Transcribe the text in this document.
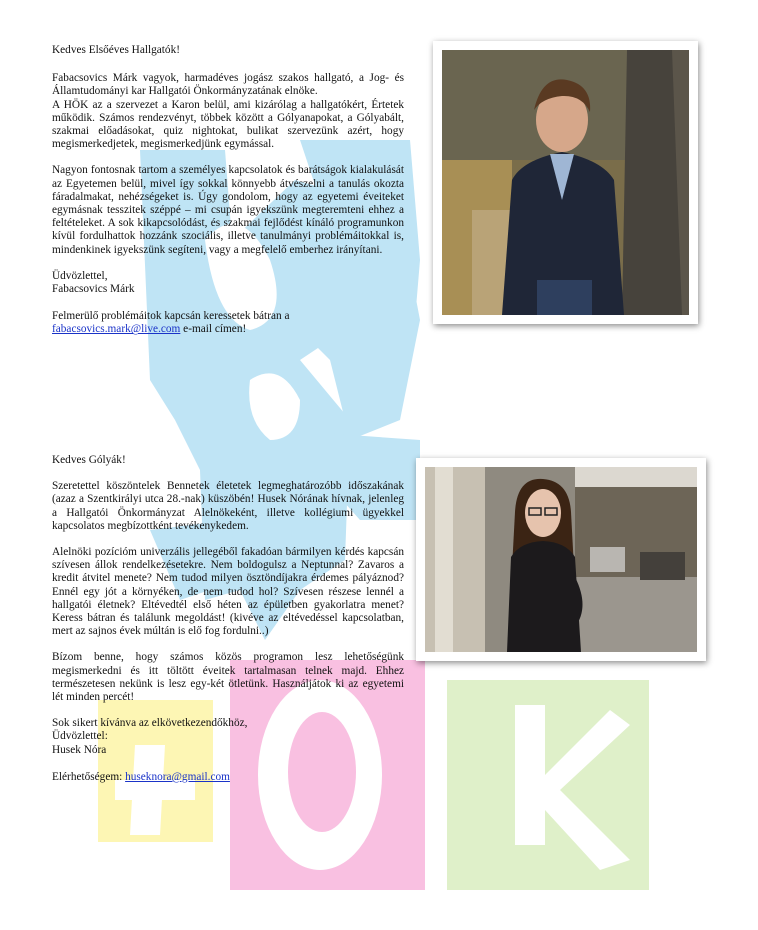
Kedves Elsőéves Hallgatók!

Fabacsovics Márk vagyok, harmadéves jogász szakos hallgató, a Jog- és Államtudományi kar Hallgatói Önkormányzatának elnöke.

A HÖK az a szervezet a Karon belül, ami kizárólag a hallgatókért, Értetek működik. Számos rendezvényt, többek között a Gólyanapokat, a Gólyabált, szakmai előadásokat, quiz nightokat, bulikat szervezünk azért, hogy megismerkedjetek, megismerkedjünk egymással.

Nagyon fontosnak tartom a személyes kapcsolatok és barátságok kialakulását az Egyetemen belül, mivel így sokkal könnyebb átvészelni a tanulás okozta fáradalmakat, nehézségeket is. Úgy gondolom, hogy az egyetemi éveiteket egymásnak tesszitek széppé – mi csupán igyekszünk megteremteni ehhez a feltételeket. A sok kikapcsolódást, és szakmai fejlődést kínáló programunkon kívül fordulhattok hozzánk szociális, illetve tanulmányi problémáitokkal is, mindenkinek igyekszünk segíteni, vagy a megfelelő emberhez irányítani.

Üdvözlettel,

Fabacsovics Márk

Felmerülő problémáitok kapcsán keressetek bátran a
fabacsovics.mark@live.com e-mail címen!

Kedves Gólyák!

Szeretettel köszöntelek Bennetek életetek legmeghatározóbb időszakának (azaz a Szentkirályi utca 28.-nak) küszöbén! Husek Nórának hívnak, jelenleg a Hallgatói Önkormányzat Alelnökeként, illetve kollégiumi ügyekkel kapcsolatos megbízottként tevékenykedem.

Alelnöki pozícióm univerzális jellegéből fakadóan bármilyen kérdés kapcsán szívesen állok rendelkezésetekre. Nem boldogulsz a Neptunnal? Zavaros a kredit átvitel menete? Nem tudod milyen ösztöndíjakra érdemes pályáznod? Ennél egy jót a környéken, de nem tudod hol? Szívesen részese lennél a hallgatói életnek? Eltévedtél első héten az épületben gyakorlatra menet? Keress bátran és találunk megoldást! (kivéve az eltévedéssel kapcsolatban, mert az sajnos évek múltán is elő fog fordulni..)

Bízom benne, hogy számos közös programon lesz lehetőségünk megismerkedni és itt töltött éveitek tartalmasan telnek majd. Ehhez természetesen nekünk is lesz egy-két ötletünk. Használjátok ki az egyetemi lét minden percét!

Sok sikert kívánva az elkövetkezendőkhöz,

Üdvözlettel:

Husek Nóra

Elérhetőségem: huseknora@gmail.com
